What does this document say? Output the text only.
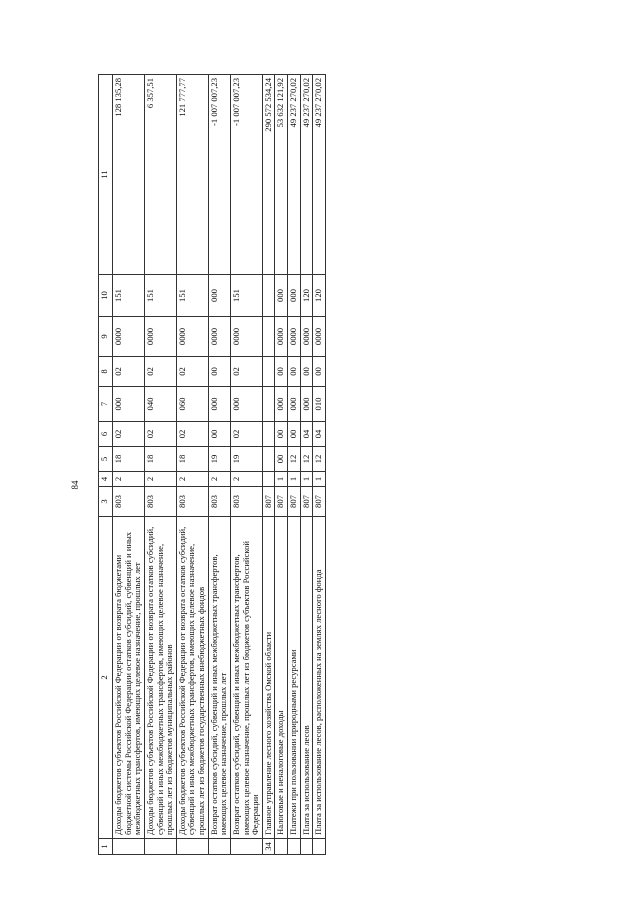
84
1	2	3	4	5	6	7	8	9	10	11
	Доходы бюджетов субъектов Российской Федерации от возврата бюджетами бюджетной системы Российской Федерации остатков субсидий, субвенций и иных межбюджетных трансфертов, имеющих целевое назначение, прошлых лет	803	2	18	02	000	02	0000	151	128 135,28
	Доходы бюджетов субъектов Российской Федерации от возврата остатков субсидий, субвенций и иных межбюджетных трансфертов, имеющих целевое назначение, прошлых лет из бюджетов муниципальных районов	803	2	18	02	040	02	0000	151	6 357,51
	Доходы бюджетов субъектов Российской Федерации от возврата остатков субсидий, субвенций и иных межбюджетных трансфертов, имеющих целевое назначение, прошлых лет из бюджетов государственных внебюджетных фондов	803	2	18	02	060	02	0000	151	121 777,77
	Возврат остатков субсидий, субвенций и иных межбюджетных трансфертов, имеющих целевое назначение, прошлых лет	803	2	19	00	000	00	0000	000	-1 007 007,23
	Возврат остатков субсидий, субвенций и иных межбюджетных трансфертов, имеющих целевое назначение, прошлых лет из бюджетов субъектов Российской Федерации	803	2	19	02	000	02	0000	151	-1 007 007,23
34	Главное управление лесного хозяйства Омской области	807								290 572 534,24
	Налоговые и неналоговые доходы	807	1	00	00	000	00	0000	000	53 632 121,92
	Платежи при пользовании природными ресурсами	807	1	12	00	000	00	0000	000	49 237 270,02
	Плата за использование лесов	807	1	12	04	000	00	0000	120	49 237 270,02
	Плата за использование лесов, расположенных на землях лесного фонда	807	1	12	04	010	00	0000	120	49 237 270,02
